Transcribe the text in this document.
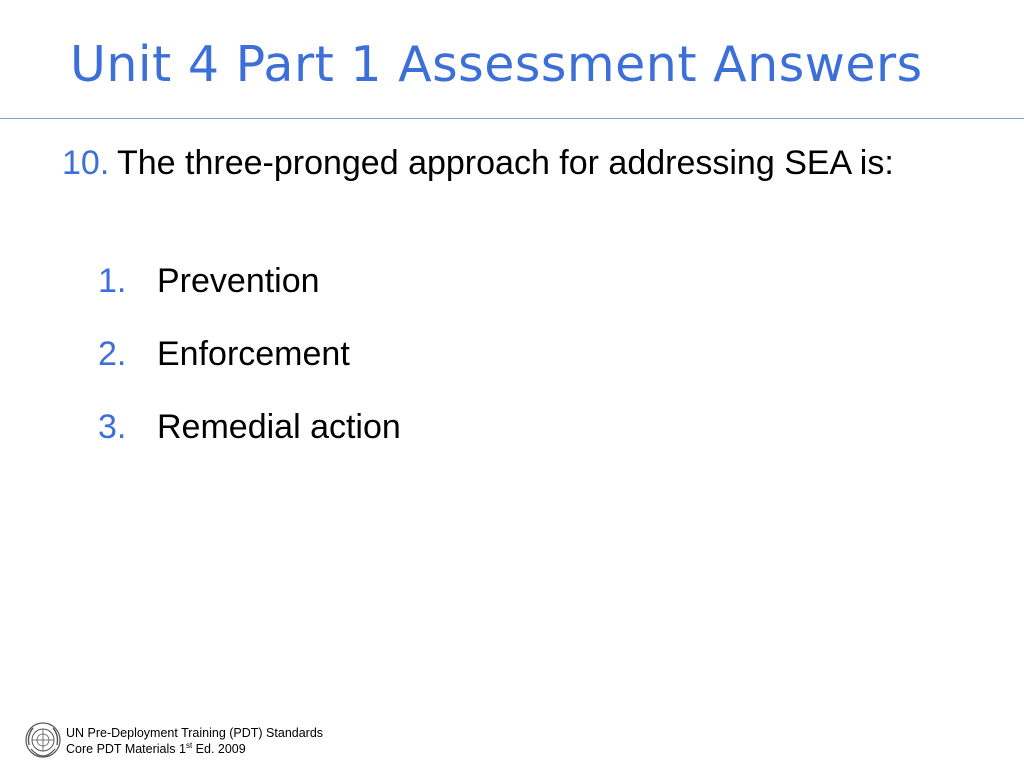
Unit 4 Part 1 Assessment Answers
10. The three-pronged approach for addressing SEA is:
1. Prevention
2. Enforcement
3. Remedial action
UN Pre-Deployment Training (PDT) Standards
Core PDT Materials 1st Ed. 2009
